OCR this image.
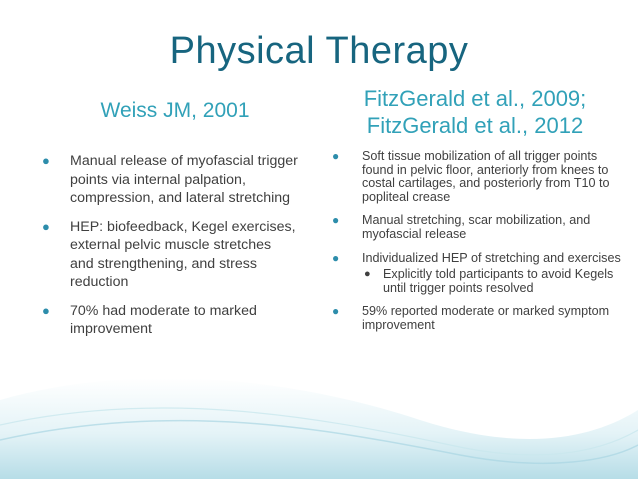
Physical Therapy
Weiss JM, 2001	FitzGerald et al., 2009;
FitzGerald et al., 2012
● Manual release of myofascial trigger points via internal palpation, compression, and lateral stretching
● HEP: biofeedback, Kegel exercises, external pelvic muscle stretches and strengthening, and stress reduction
● 70% had moderate to marked improvement
● Soft tissue mobilization of all trigger points found in pelvic floor, anteriorly from knees to costal cartilages, and posteriorly from T10 to popliteal crease
● Manual stretching, scar mobilization, and myofascial release
● Individualized HEP of stretching and exercises
● Explicitly told participants to avoid Kegels until trigger points resolved
● 59% reported moderate or marked symptom improvement
